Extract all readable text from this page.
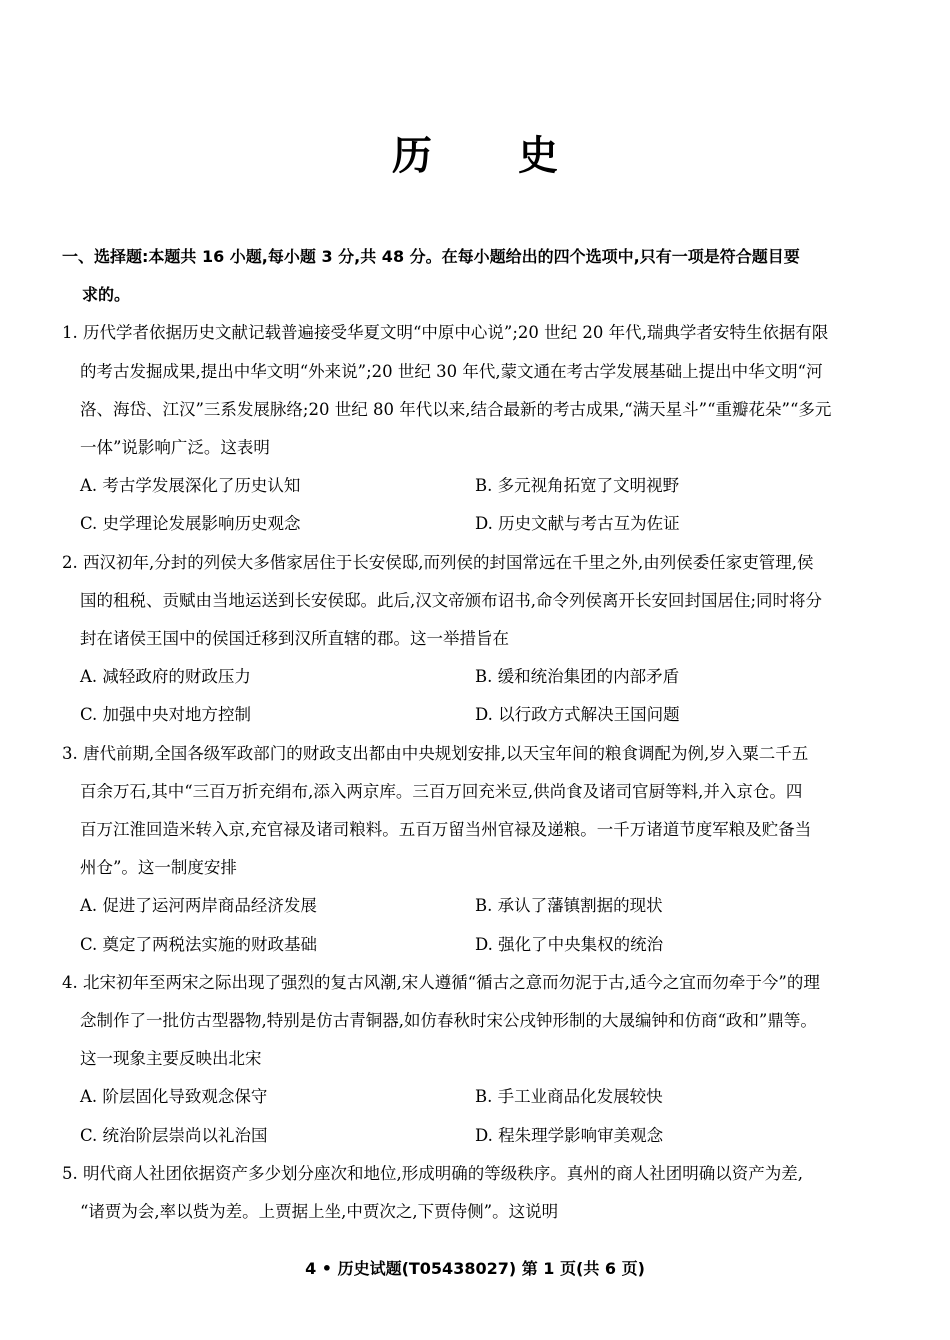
历 史
一、选择题:本题共 16 小题,每小题 3 分,共 48 分。在每小题给出的四个选项中,只有一项是符合题目要
求的。
1. 历代学者依据历史文献记载普遍接受华夏文明“中原中心说”;20 世纪 20 年代,瑞典学者安特生依据有限
的考古发掘成果,提出中华文明“外来说”;20 世纪 30 年代,蒙文通在考古学发展基础上提出中华文明“河
洛、海岱、江汉”三系发展脉络;20 世纪 80 年代以来,结合最新的考古成果,“满天星斗”“重瓣花朵”“多元
一体”说影响广泛。这表明
A. 考古学发展深化了历史认知	B. 多元视角拓宽了文明视野
C. 史学理论发展影响历史观念	D. 历史文献与考古互为佐证
2. 西汉初年,分封的列侯大多偕家居住于长安侯邸,而列侯的封国常远在千里之外,由列侯委任家吏管理,侯
国的租税、贡赋由当地运送到长安侯邸。此后,汉文帝颁布诏书,命令列侯离开长安回封国居住;同时将分
封在诸侯王国中的侯国迁移到汉所直辖的郡。这一举措旨在
A. 减轻政府的财政压力	B. 缓和统治集团的内部矛盾
C. 加强中央对地方控制	D. 以行政方式解决王国问题
3. 唐代前期,全国各级军政部门的财政支出都由中央规划安排,以天宝年间的粮食调配为例,岁入粟二千五
百余万石,其中“三百万折充绢布,添入两京库。三百万回充米豆,供尚食及诸司官厨等料,并入京仓。四
百万江淮回造米转入京,充官禄及诸司粮料。五百万留当州官禄及递粮。一千万诸道节度军粮及贮备当
州仓”。这一制度安排
A. 促进了运河两岸商品经济发展	B. 承认了藩镇割据的现状
C. 奠定了两税法实施的财政基础	D. 强化了中央集权的统治
4. 北宋初年至两宋之际出现了强烈的复古风潮,宋人遵循“循古之意而勿泥于古,适今之宜而勿牵于今”的理
念制作了一批仿古型器物,特别是仿古青铜器,如仿春秋时宋公戌钟形制的大晟编钟和仿商“政和”鼎等。
这一现象主要反映出北宋
A. 阶层固化导致观念保守	B. 手工业商品化发展较快
C. 统治阶层崇尚以礼治国	D. 程朱理学影响审美观念
5. 明代商人社团依据资产多少划分座次和地位,形成明确的等级秩序。真州的商人社团明确以资产为差,
“诸贾为会,率以赀为差。上贾据上坐,中贾次之,下贾侍侧”。这说明
4 • 历史试题(T05438027) 第 1 页(共 6 页)
